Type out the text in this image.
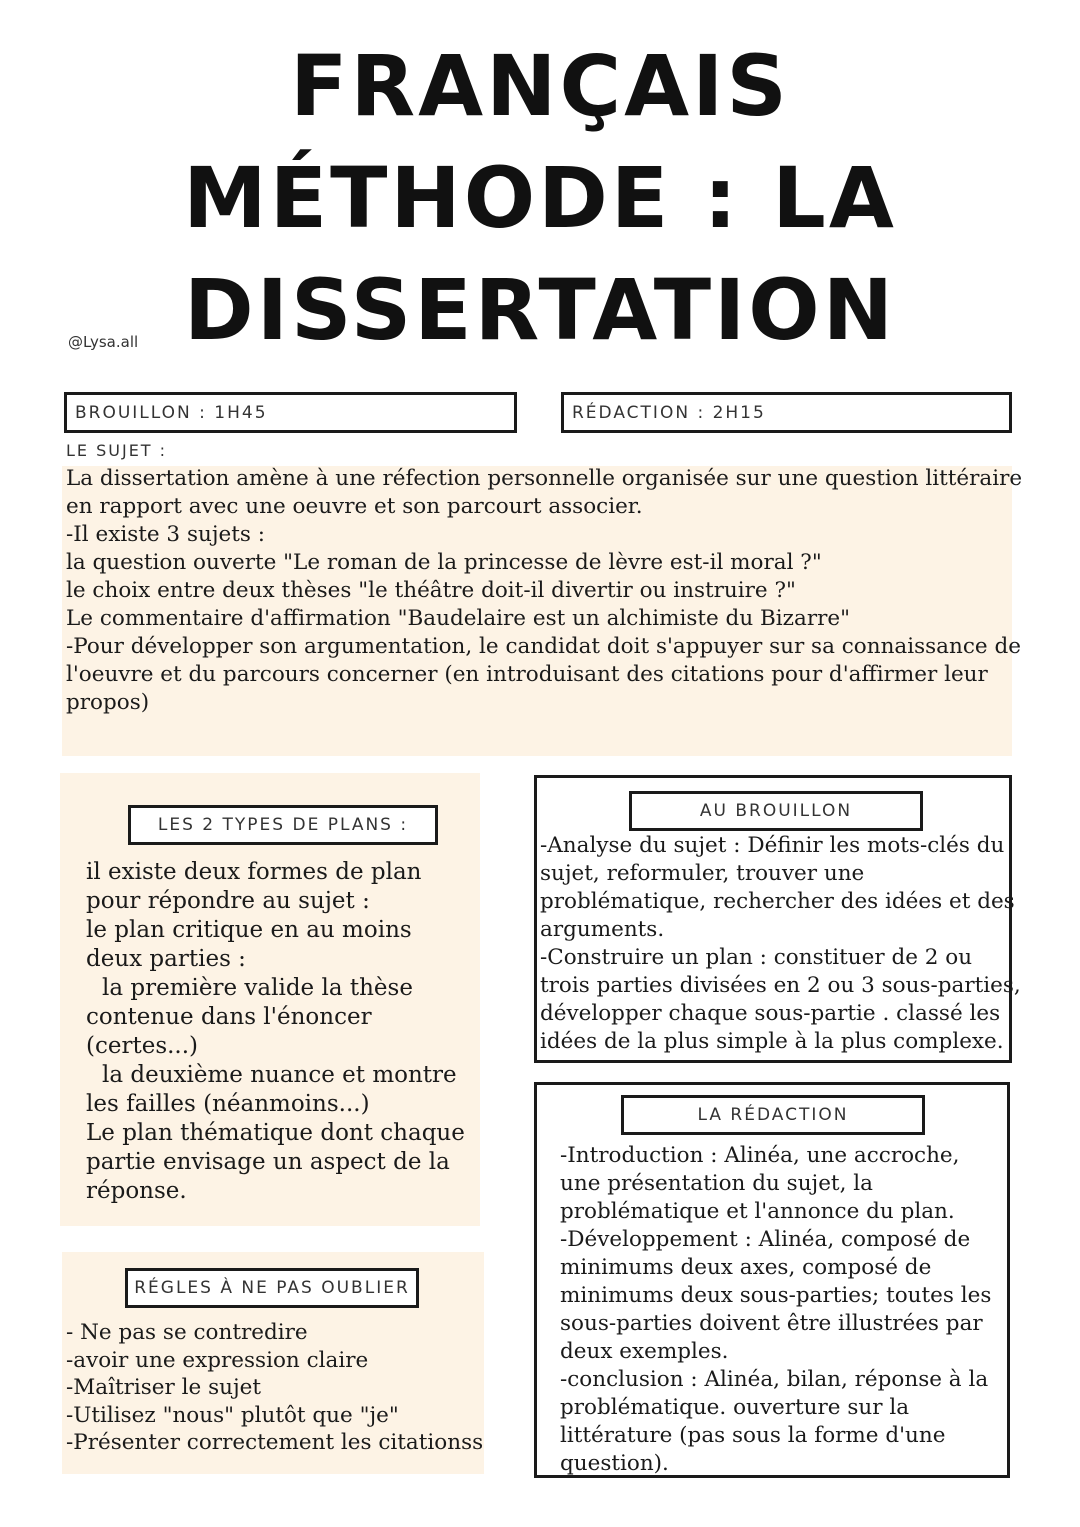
FRANÇAIS
MÉTHODE : LA
DISSERTATION
@Lysa.all
BROUILLON : 1H45	RÉDACTION : 2H15
LE SUJET :
La dissertation amène à une réfection personnelle organisée sur une question littéraire
en rapport avec une oeuvre et son parcourt associer.
-Il existe 3 sujets :
la question ouverte "Le roman de la princesse de lèvre est-il moral ?"
le choix entre deux thèses "le théâtre doit-il divertir ou instruire ?"
Le commentaire d'affirmation "Baudelaire est un alchimiste du Bizarre"
-Pour développer son argumentation, le candidat doit s'appuyer sur sa connaissance de
l'oeuvre et du parcours concerner (en introduisant des citations pour d'affirmer leur
propos)
LES 2 TYPES DE PLANS :
il existe deux formes de plan
pour répondre au sujet :
le plan critique en au moins
deux parties :
la première valide la thèse
contenue dans l'énoncer
(certes...)
la deuxième nuance et montre
les failles (néanmoins...)
Le plan thématique dont chaque
partie envisage un aspect de la
réponse.
RÉGLES À NE PAS OUBLIER
- Ne pas se contredire
-avoir une expression claire
-Maîtriser le sujet
-Utilisez "nous" plutôt que "je"
-Présenter correctement les citationss
AU BROUILLON
-Analyse du sujet : Définir les mots-clés du
sujet, reformuler, trouver une
problématique, rechercher des idées et des
arguments.
-Construire un plan : constituer de 2 ou
trois parties divisées en 2 ou 3 sous-parties,
développer chaque sous-partie . classé les
idées de la plus simple à la plus complexe.
LA RÉDACTION
-Introduction : Alinéa, une accroche,
une présentation du sujet, la
problématique et l'annonce du plan.
-Développement : Alinéa, composé de
minimums deux axes, composé de
minimums deux sous-parties; toutes les
sous-parties doivent être illustrées par
deux exemples.
-conclusion : Alinéa, bilan, réponse à la
problématique. ouverture sur la
littérature (pas sous la forme d'une
question).
